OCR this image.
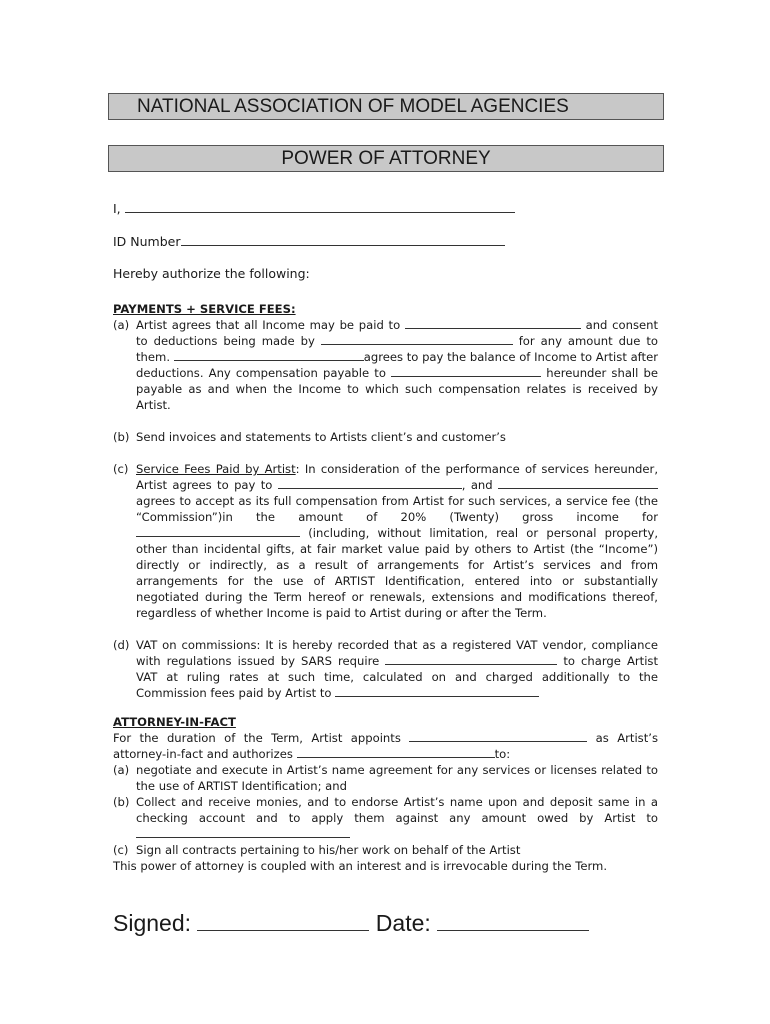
NATIONAL ASSOCIATION OF MODEL AGENCIES
POWER OF ATTORNEY
I,
ID Number
Hereby authorize the following:
PAYMENTS + SERVICE FEES:
(a) Artist agrees that all Income may be paid to	and consent to deductions being made by	for any amount due to them.	agrees to pay the balance of Income to Artist after deductions. Any compensation payable to	hereunder shall be payable as and when the Income to which such compensation relates is received by Artist.
(b) Send invoices and statements to Artists client’s and customer’s
(c) Service Fees Paid by Artist: In consideration of the performance of services hereunder, Artist agrees to pay to	, and  agrees to accept as its full compensation from Artist for such services, a service fee (the “Commission”)in the amount of 20% (Twenty) gross income for  (including, without limitation, real or personal property, other than incidental gifts, at fair market value paid by others to Artist (the “Income”) directly or indirectly, as a result of arrangements for Artist’s services and from arrangements for the use of ARTIST Identification, entered into or substantially negotiated during the Term hereof or renewals, extensions and modifications thereof, regardless of whether Income is paid to Artist during or after the Term.
(d) VAT on commissions: It is hereby recorded that as a registered VAT vendor, compliance with regulations issued by SARS require	to charge Artist VAT at ruling rates at such time, calculated on and charged additionally to the Commission fees paid by Artist to
ATTORNEY-IN-FACT
For the duration of the Term, Artist appoints	as Artist’s attorney-in-fact and authorizes	to:
(a) negotiate and execute in Artist’s name agreement for any services or licenses related to the use of ARTIST Identification; and
(b) Collect and receive monies, and to endorse Artist’s name upon and deposit same in a checking account and to apply them against any amount owed by Artist to
(c) Sign all contracts pertaining to his/her work on behalf of the Artist
This power of attorney is coupled with an interest and is irrevocable during the Term.
Signed:	Date:
